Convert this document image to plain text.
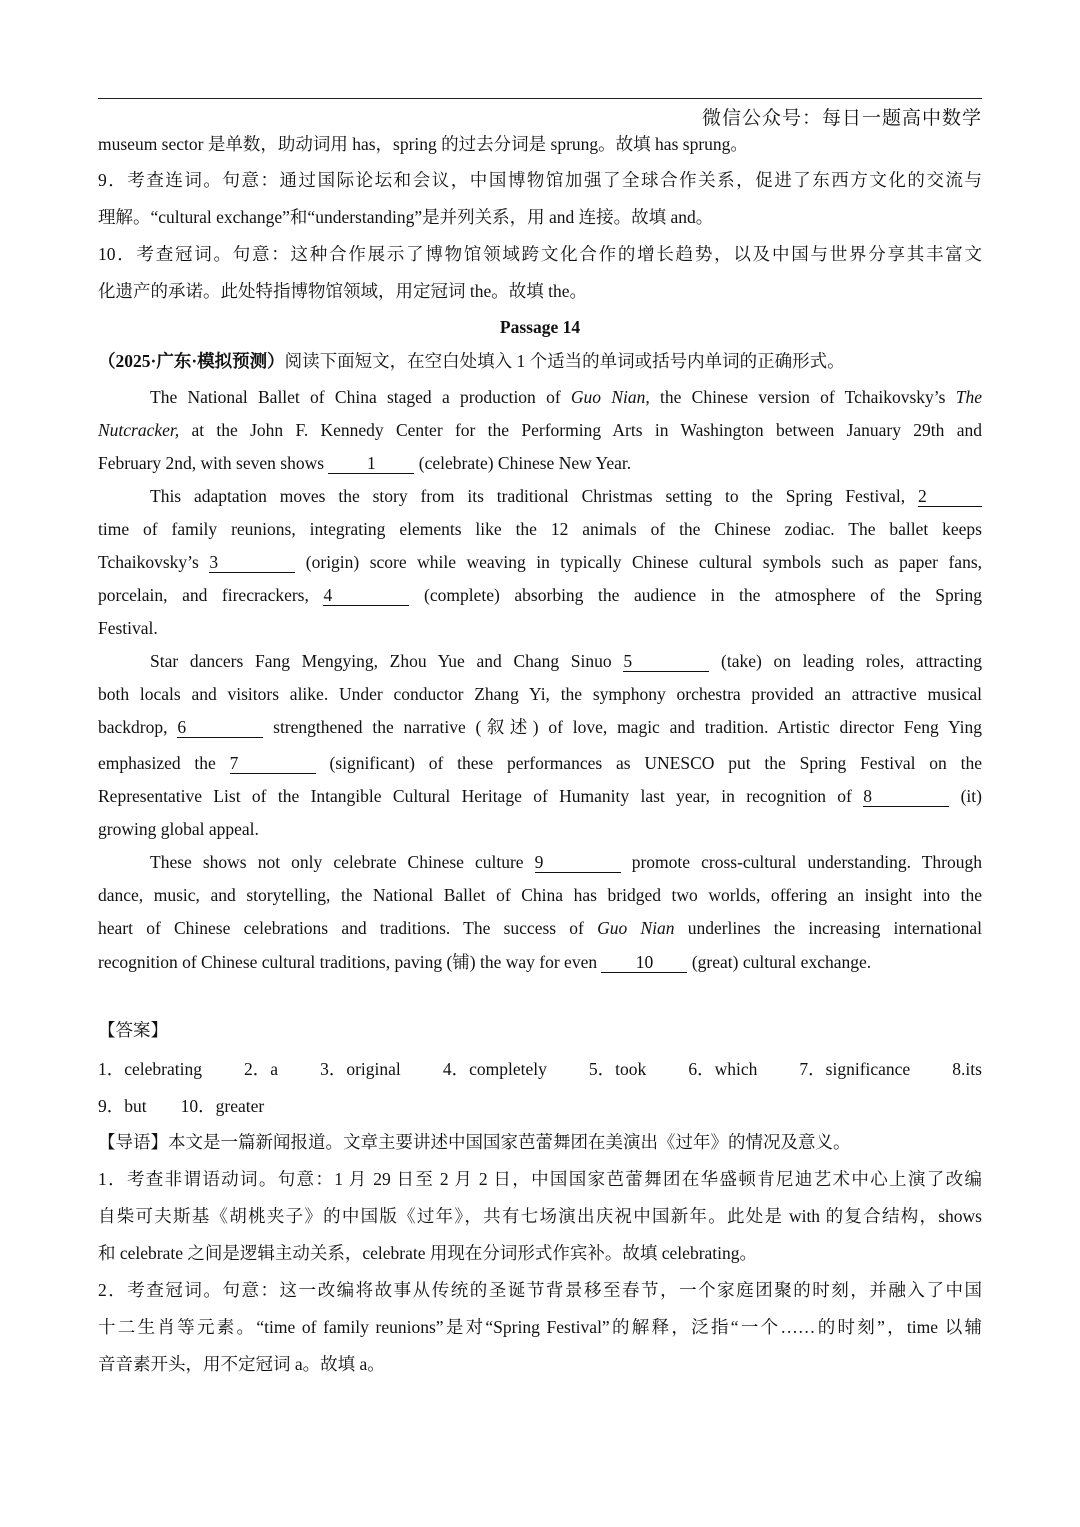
微信公众号：每日一题高中数学
museum sector 是单数，助动词用 has，spring 的过去分词是 sprung。故填 has sprung。
9．考查连词。句意：通过国际论坛和会议，中国博物馆加强了全球合作关系，促进了东西方文化的交流与
理解。“cultural exchange”和“understanding”是并列关系，用 and 连接。故填 and。
10．考查冠词。句意：这种合作展示了博物馆领域跨文化合作的增长趋势，以及中国与世界分享其丰富文
化遗产的承诺。此处特指博物馆领域，用定冠词 the。故填 the。
Passage 14
（2025·广东·模拟预测）阅读下面短文，在空白处填入 1 个适当的单词或括号内单词的正确形式。
The National Ballet of China staged a production of Guo Nian, the Chinese version of Tchaikovsky’s The
Nutcracker, at the John F. Kennedy Center for the Performing Arts in Washington between January 29th and
February 2nd, with seven shows 1 (celebrate) Chinese New Year.
This adaptation moves the story from its traditional Christmas setting to the Spring Festival, 2
time of family reunions, integrating elements like the 12 animals of the Chinese zodiac. The ballet keeps
Tchaikovsky’s 3	(origin) score while weaving in typically Chinese cultural symbols such as paper fans,
porcelain, and firecrackers, 4	(complete) absorbing the audience in the atmosphere of the Spring
Festival.
Star dancers Fang Mengying, Zhou Yue and Chang Sinuo 5	(take) on leading roles, attracting
both locals and visitors alike. Under conductor Zhang Yi, the symphony orchestra provided an attractive musical
backdrop, 6	strengthened the narrative (叙述) of love, magic and tradition. Artistic director Feng Ying
emphasized the 7	(significant) of these performances as UNESCO put the Spring Festival on the
Representative List of the Intangible Cultural Heritage of Humanity last year, in recognition of 8	(it)
growing global appeal.
These shows not only celebrate Chinese culture 9	promote cross-cultural understanding. Through
dance, music, and storytelling, the National Ballet of China has bridged two worlds, offering an insight into the
heart of Chinese celebrations and traditions. The success of Guo Nian underlines the increasing international
recognition of Chinese cultural traditions, paving (铺) the way for even 10 (great) cultural exchange.
【答案】
1．celebrating 2．a 3．original 4．completely 5．took 6．which 7．significance 8.its
9．but 10．greater
【导语】本文是一篇新闻报道。文章主要讲述中国国家芭蕾舞团在美演出《过年》的情况及意义。
1．考查非谓语动词。句意：1 月 29 日至 2 月 2 日，中国国家芭蕾舞团在华盛顿肯尼迪艺术中心上演了改编
自柴可夫斯基《胡桃夹子》的中国版《过年》，共有七场演出庆祝中国新年。此处是 with 的复合结构，shows
和 celebrate 之间是逻辑主动关系，celebrate 用现在分词形式作宾补。故填 celebrating。
2．考查冠词。句意：这一改编将故事从传统的圣诞节背景移至春节，一个家庭团聚的时刻，并融入了中国
十二生肖等元素。“time of family reunions”是对“Spring Festival”的解释，泛指“一个……的时刻”，time 以辅
音音素开头，用不定冠词 a。故填 a。
